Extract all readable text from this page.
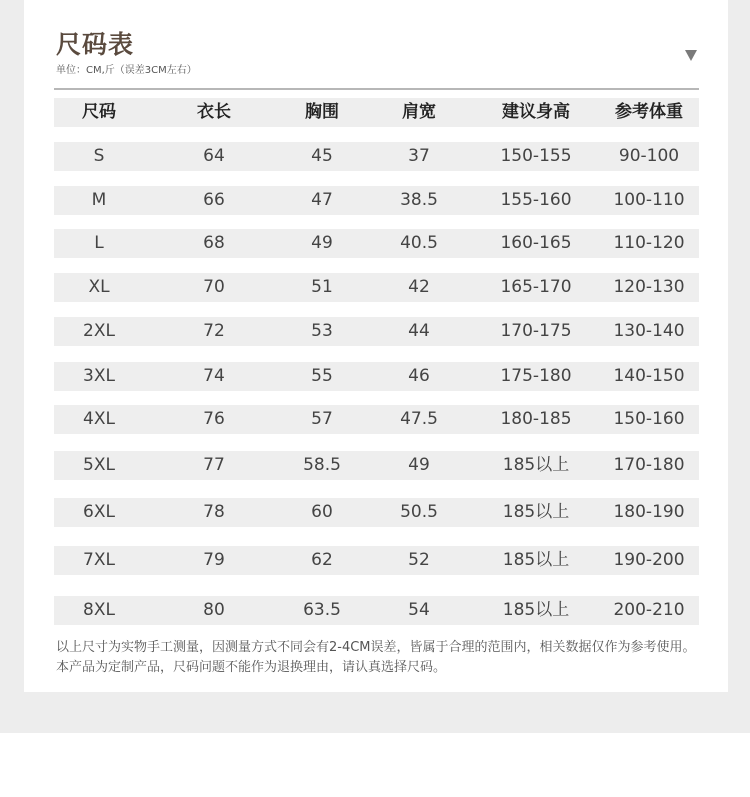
尺码表
单位：CM,斤（误差3CM左右）
尺码	衣长	胸围	肩宽	建议身高	参考体重
S	64	45	37	150-155	90-100
M	66	47	38.5	155-160	100-110
L	68	49	40.5	160-165	110-120
XL	70	51	42	165-170	120-130
2XL	72	53	44	170-175	130-140
3XL	74	55	46	175-180	140-150
4XL	76	57	47.5	180-185	150-160
5XL	77	58.5	49	185以上	170-180
6XL	78	60	50.5	185以上	180-190
7XL	79	62	52	185以上	190-200
8XL	80	63.5	54	185以上	200-210
以上尺寸为实物手工测量，因测量方式不同会有2-4CM误差，皆属于合理的范围内，相关数据仅作为参考使用。本产品为定制产品，尺码问题不能作为退换理由，请认真选择尺码。
